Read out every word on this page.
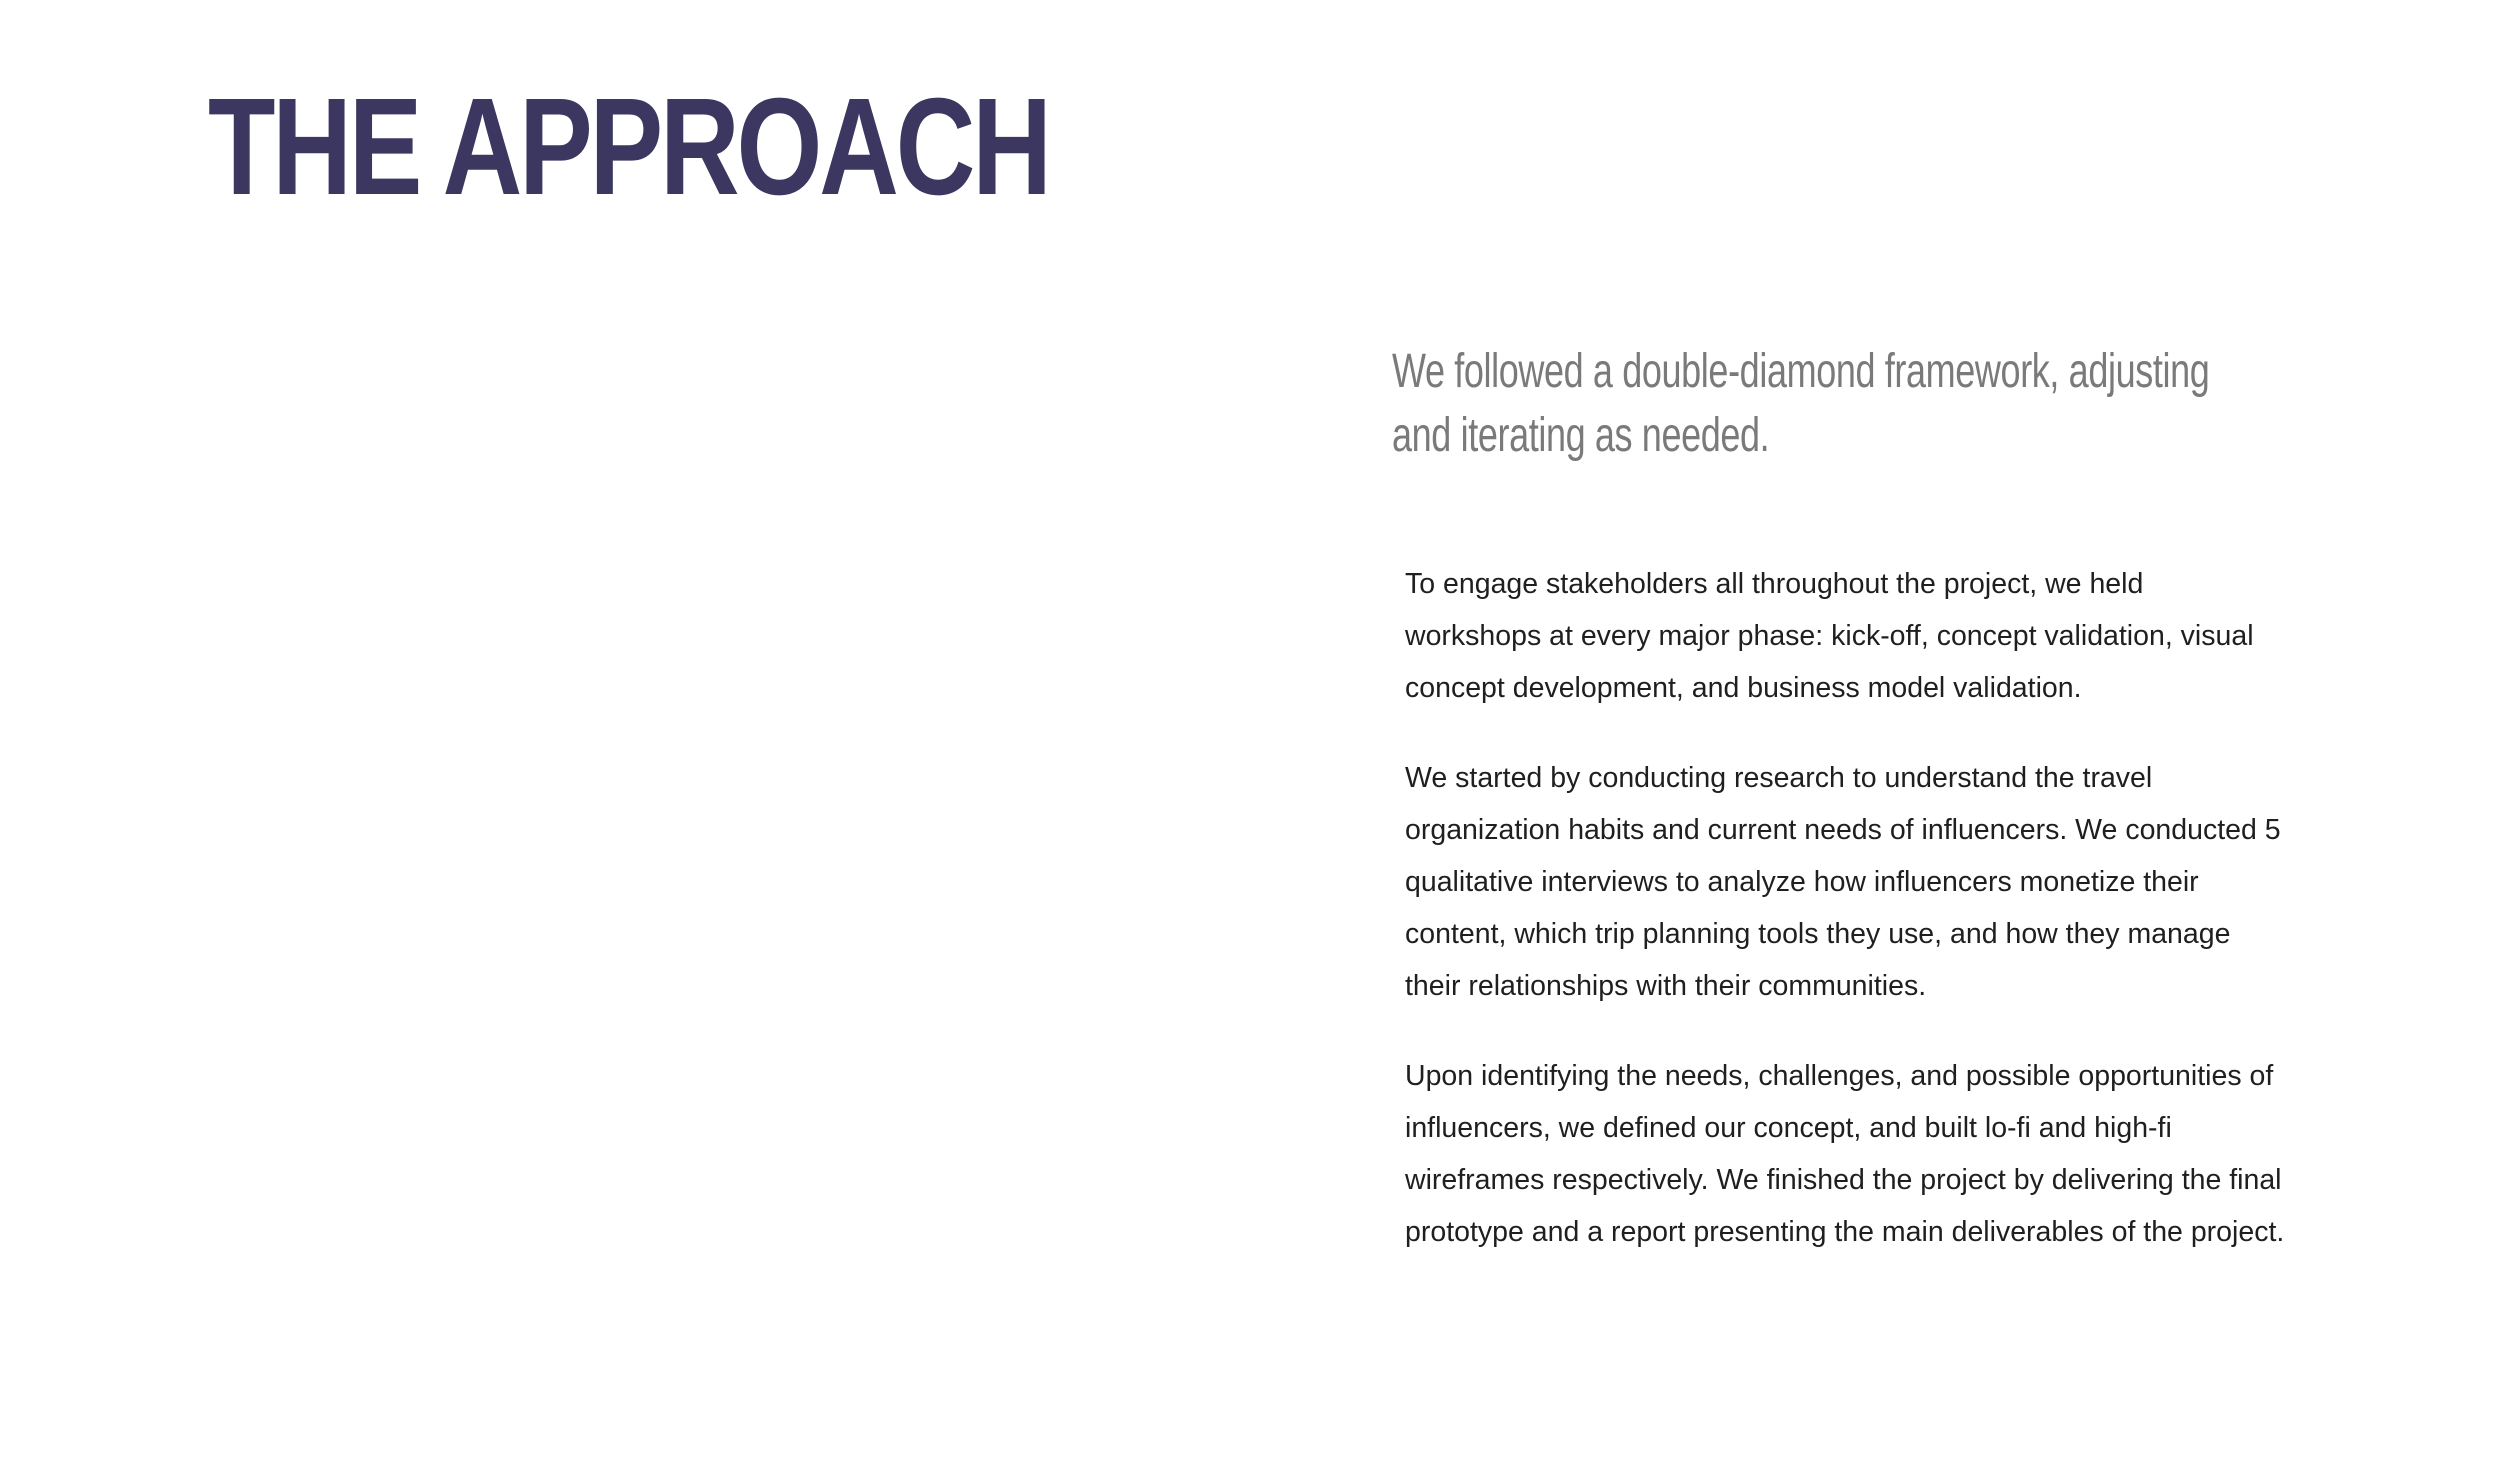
THE APPROACH

We followed a double-diamond framework, adjusting and iterating as needed.

To engage stakeholders all throughout the project, we held workshops at every major phase: kick-off, concept validation, visual concept development, and business model validation.

We started by conducting research to understand the travel organization habits and current needs of influencers. We conducted 5 qualitative interviews to analyze how influencers monetize their content, which trip planning tools they use, and how they manage their relationships with their communities.

Upon identifying the needs, challenges, and possible opportunities of influencers, we defined our concept, and built lo-fi and high-fi wireframes respectively. We finished the project by delivering the final prototype and a report presenting the main deliverables of the project.
